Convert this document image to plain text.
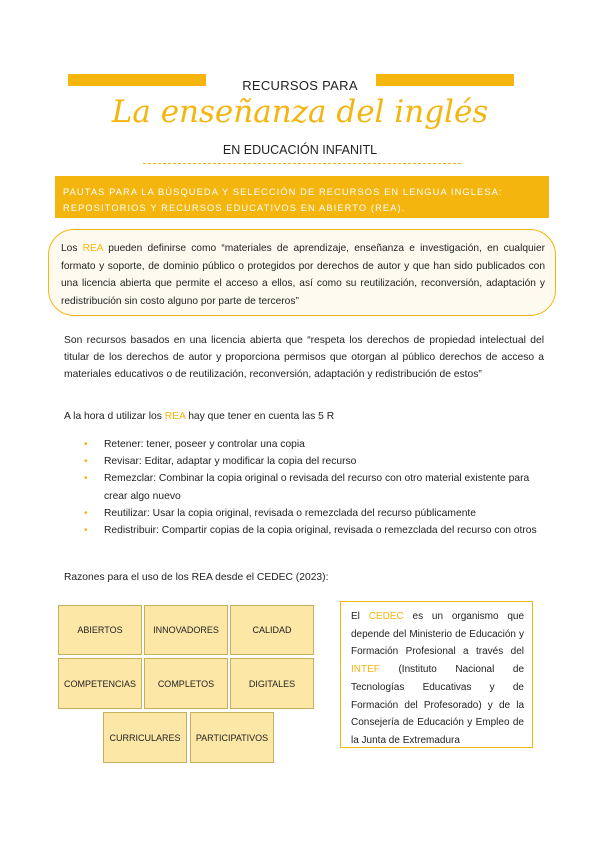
RECURSOS PARA
La enseñanza del inglés
EN EDUCACIÓN INFANITL
PAUTAS PARA LA BÚSQUEDA Y SELECCIÓN DE RECURSOS EN LENGUA INGLESA:
REPOSITORIOS Y RECURSOS EDUCATIVOS EN ABIERTO (REA).
Los REA pueden definirse como “materiales de aprendizaje, enseñanza e investigación, en cualquier formato y soporte, de dominio público o protegidos por derechos de autor y que han sido publicados con una licencia abierta que permite el acceso a ellos, así como su reutilización, reconversión, adaptación y redistribución sin costo alguno por parte de terceros”
Son recursos basados en una licencia abierta que “respeta los derechos de propiedad intelectual del titular de los derechos de autor y proporciona permisos que otorgan al público derechos de acceso a materiales educativos o de reutilización, reconversión, adaptación y redistribución de estos”
A la hora d utilizar los REA hay que tener en cuenta las 5 R
• Retener: tener, poseer y controlar una copia
• Revisar: Editar, adaptar y modificar la copia del recurso
• Remezclar: Combinar la copia original o revisada del recurso con otro material existente para crear algo nuevo
• Reutilizar: Usar la copia original, revisada o remezclada del recurso públicamente
• Redistribuir: Compartir copias de la copia original, revisada o remezclada del recurso con otros
Razones para el uso de los REA desde el CEDEC (2023):
ABIERTOS	INNOVADORES	CALIDAD
COMPETENCIAS	COMPLETOS	DIGITALES
CURRICULARES	PARTICIPATIVOS
El CEDEC es un organismo que depende del Ministerio de Educación y Formación Profesional a través del INTEF (Instituto Nacional de Tecnologías Educativas y de Formación del Profesorado) y de la Consejería de Educación y Empleo de la Junta de Extremadura
